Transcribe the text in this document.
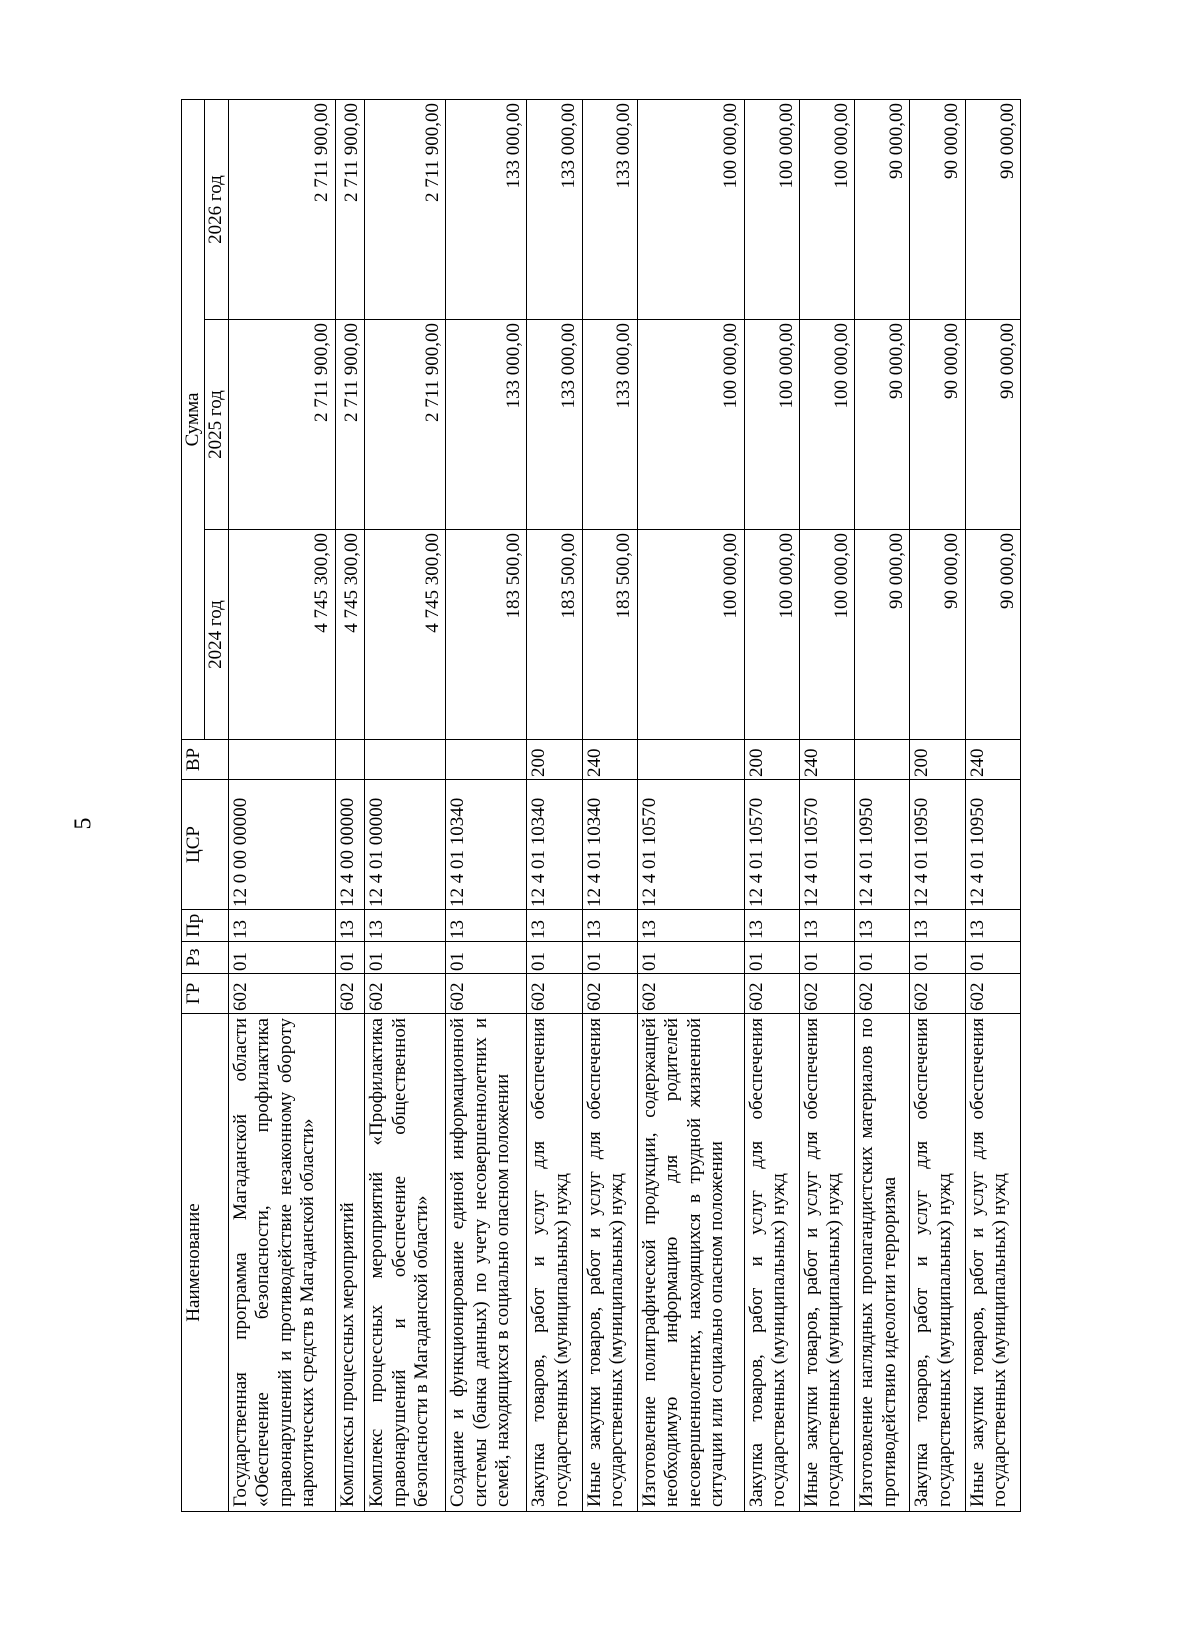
5
Наименование	ГР	Рз	Пр	ЦСР	ВР	Сумма		
						2024 год	2025 год	2026 год
Государственная программа Магаданской области «Обеспечение безопасности, профилактика правонарушений и противодействие незаконному обороту наркотических средств в Магаданской области»	602	01	13	12 0 00 00000		4 745 300,00	2 711 900,00	2 711 900,00
Комплексы процессных мероприятий	602	01	13	12 4 00 00000		4 745 300,00	2 711 900,00	2 711 900,00
Комплекс процессных мероприятий «Профилактика правонарушений и обеспечение общественной безопасности в Магаданской области»	602	01	13	12 4 01 00000		4 745 300,00	2 711 900,00	2 711 900,00
Создание и функционирование единой информационной системы (банка данных) по учету несовершеннолетних и семей, находящихся в социально опасном положении	602	01	13	12 4 01 10340		183 500,00	133 000,00	133 000,00
Закупка товаров, работ и услуг для обеспечения государственных (муниципальных) нужд	602	01	13	12 4 01 10340	200	183 500,00	133 000,00	133 000,00
Иные закупки товаров, работ и услуг для обеспечения государственных (муниципальных) нужд	602	01	13	12 4 01 10340	240	183 500,00	133 000,00	133 000,00
Изготовление полиграфической продукции, содержащей необходимую информацию для родителей несовершеннолетних, находящихся в трудной жизненной ситуации или социально опасном положении	602	01	13	12 4 01 10570		100 000,00	100 000,00	100 000,00
Закупка товаров, работ и услуг для обеспечения государственных (муниципальных) нужд	602	01	13	12 4 01 10570	200	100 000,00	100 000,00	100 000,00
Иные закупки товаров, работ и услуг для обеспечения государственных (муниципальных) нужд	602	01	13	12 4 01 10570	240	100 000,00	100 000,00	100 000,00
Изготовление наглядных пропагандистских материалов по противодействию идеологии терроризма	602	01	13	12 4 01 10950		90 000,00	90 000,00	90 000,00
Закупка товаров, работ и услуг для обеспечения государственных (муниципальных) нужд	602	01	13	12 4 01 10950	200	90 000,00	90 000,00	90 000,00
Иные закупки товаров, работ и услуг для обеспечения государственных (муниципальных) нужд	602	01	13	12 4 01 10950	240	90 000,00	90 000,00	90 000,00
